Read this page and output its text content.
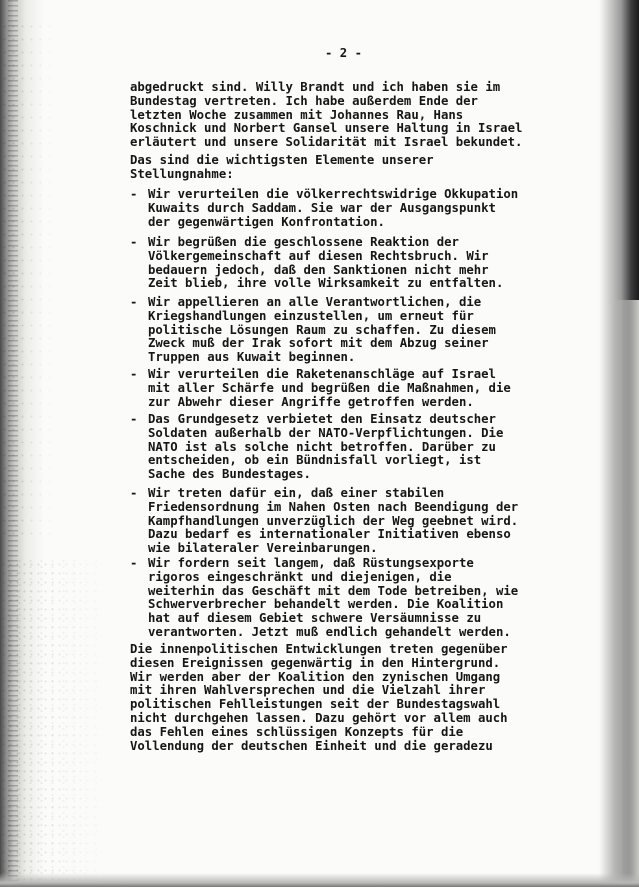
- 2 -

abgedruckt sind. Willy Brandt und ich haben sie im
Bundestag vertreten. Ich habe außerdem Ende der
letzten Woche zusammen mit Johannes Rau, Hans
Koschnick und Norbert Gansel unsere Haltung in Israel
erläutert und unsere Solidarität mit Israel bekundet.

Das sind die wichtigsten Elemente unserer
Stellungnahme:

- Wir verurteilen die völkerrechtswidrige Okkupation
Kuwaits durch Saddam. Sie war der Ausgangspunkt
der gegenwärtigen Konfrontation.

- Wir begrüßen die geschlossene Reaktion der
Völkergemeinschaft auf diesen Rechtsbruch. Wir
bedauern jedoch, daß den Sanktionen nicht mehr
Zeit blieb, ihre volle Wirksamkeit zu entfalten.

- Wir appellieren an alle Verantwortlichen, die
Kriegshandlungen einzustellen, um erneut für
politische Lösungen Raum zu schaffen. Zu diesem
Zweck muß der Irak sofort mit dem Abzug seiner
Truppen aus Kuwait beginnen.

- Wir verurteilen die Raketenanschläge auf Israel
mit aller Schärfe und begrüßen die Maßnahmen, die
zur Abwehr dieser Angriffe getroffen werden.

- Das Grundgesetz verbietet den Einsatz deutscher
Soldaten außerhalb der NATO-Verpflichtungen. Die
NATO ist als solche nicht betroffen. Darüber zu
entscheiden, ob ein Bündnisfall vorliegt, ist
Sache des Bundestages.

- Wir treten dafür ein, daß einer stabilen
Friedensordnung im Nahen Osten nach Beendigung der
Kampfhandlungen unverzüglich der Weg geebnet wird.
Dazu bedarf es internationaler Initiativen ebenso
wie bilateraler Vereinbarungen.

- Wir fordern seit langem, daß Rüstungsexporte
rigoros eingeschränkt und diejenigen, die
weiterhin das Geschäft mit dem Tode betreiben, wie
Schwerverbrecher behandelt werden. Die Koalition
hat auf diesem Gebiet schwere Versäumnisse zu
verantworten. Jetzt muß endlich gehandelt werden.

Die innenpolitischen Entwicklungen treten gegenüber
diesen Ereignissen gegenwärtig in den Hintergrund.
Wir werden aber der Koalition den zynischen Umgang
mit ihren Wahlversprechen und die Vielzahl ihrer
politischen Fehlleistungen seit der Bundestagswahl
nicht durchgehen lassen. Dazu gehört vor allem auch
das Fehlen eines schlüssigen Konzepts für die
Vollendung der deutschen Einheit und die geradezu
